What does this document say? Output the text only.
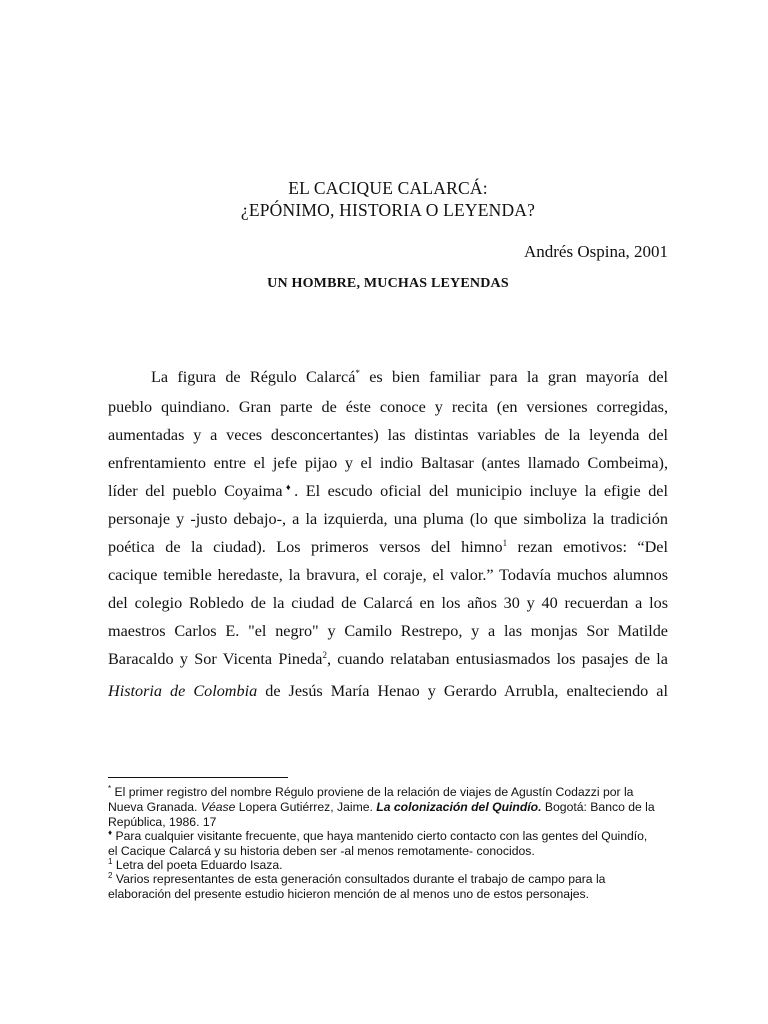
EL CACIQUE CALARCÁ:
¿EPÓNIMO, HISTORIA O LEYENDA?
Andrés Ospina, 2001
UN HOMBRE, MUCHAS LEYENDAS
La figura de Régulo Calarcá* es bien familiar para la gran mayoría del
pueblo quindiano. Gran parte de éste conoce y recita (en versiones corregidas,
aumentadas y a veces desconcertantes) las distintas variables de la leyenda del
enfrentamiento entre el jefe pijao y el indio Baltasar (antes llamado Combeima),
líder del pueblo Coyaima♦. El escudo oficial del municipio incluye la efigie del
personaje y -justo debajo-, a la izquierda, una pluma (lo que simboliza la tradición
poética de la ciudad). Los primeros versos del himno$^1$ rezan emotivos: “Del
cacique temible heredaste, la bravura, el coraje, el valor.” Todavía muchos alumnos
del colegio Robledo de la ciudad de Calarcá en los años 30 y 40 recuerdan a los
maestros Carlos E. "el negro" y Camilo Restrepo, y a las monjas Sor Matilde
Baracaldo y Sor Vicenta Pineda$^2$, cuando relataban entusiasmados los pasajes de la
Historia de Colombia de Jesús María Henao y Gerardo Arrubla, enalteciendo al
* El primer registro del nombre Régulo proviene de la relación de viajes de Agustín Codazzi por la
Nueva Granada. Véase Lopera Gutiérrez, Jaime. La colonización del Quindío. Bogotá: Banco de la
República, 1986. 17
♦ Para cualquier visitante frecuente, que haya mantenido cierto contacto con las gentes del Quindío,
el Cacique Calarcá y su historia deben ser -al menos remotamente- conocidos.
$^1$ Letra del poeta Eduardo Isaza.
$^2$ Varios representantes de esta generación consultados durante el trabajo de campo para la
elaboración del presente estudio hicieron mención de al menos uno de estos personajes.
